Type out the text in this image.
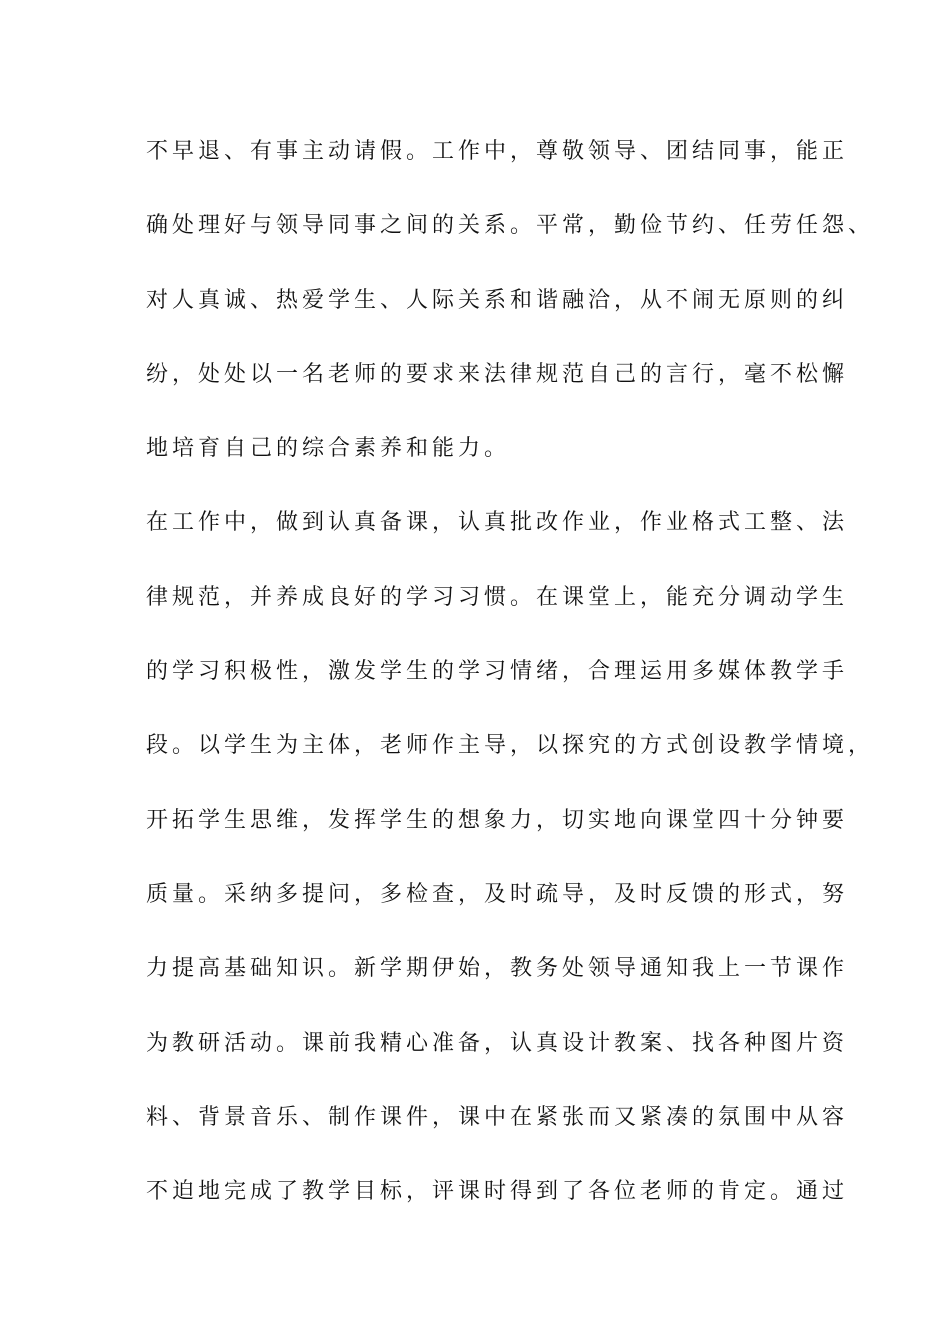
不早退、有事主动请假。工作中，尊敬领导、团结同事，能正

确处理好与领导同事之间的关系。平常，勤俭节约、任劳任怨、

对人真诚、热爱学生、人际关系和谐融洽，从不闹无原则的纠

纷，处处以一名老师的要求来法律规范自己的言行，毫不松懈

地培育自己的综合素养和能力。

在工作中，做到认真备课，认真批改作业，作业格式工整、法

律规范，并养成良好的学习习惯。在课堂上，能充分调动学生

的学习积极性，激发学生的学习情绪，合理运用多媒体教学手

段。以学生为主体，老师作主导，以探究的方式创设教学情境，

开拓学生思维，发挥学生的想象力，切实地向课堂四十分钟要

质量。采纳多提问，多检查，及时疏导，及时反馈的形式，努

力提高基础知识。新学期伊始，教务处领导通知我上一节课作

为教研活动。课前我精心准备，认真设计教案、找各种图片资

料、背景音乐、制作课件，课中在紧张而又紧凑的氛围中从容

不迫地完成了教学目标，评课时得到了各位老师的肯定。通过
